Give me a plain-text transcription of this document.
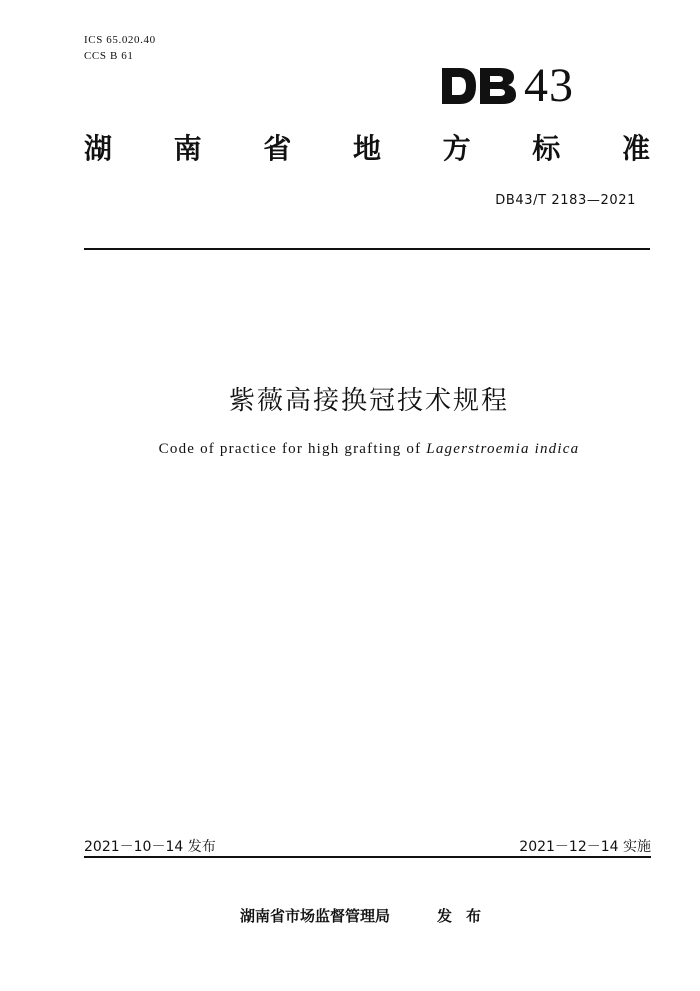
ICS 65.020.40
CCS B 61
43
湖 南 省 地 方 标 准
DB43/T 2183—2021
紫薇高接换冠技术规程
Code of practice for high grafting of Lagerstroemia indica
2021－10－14 发布	2021－12－14 实施
湖南省市场监督管理局	发布
